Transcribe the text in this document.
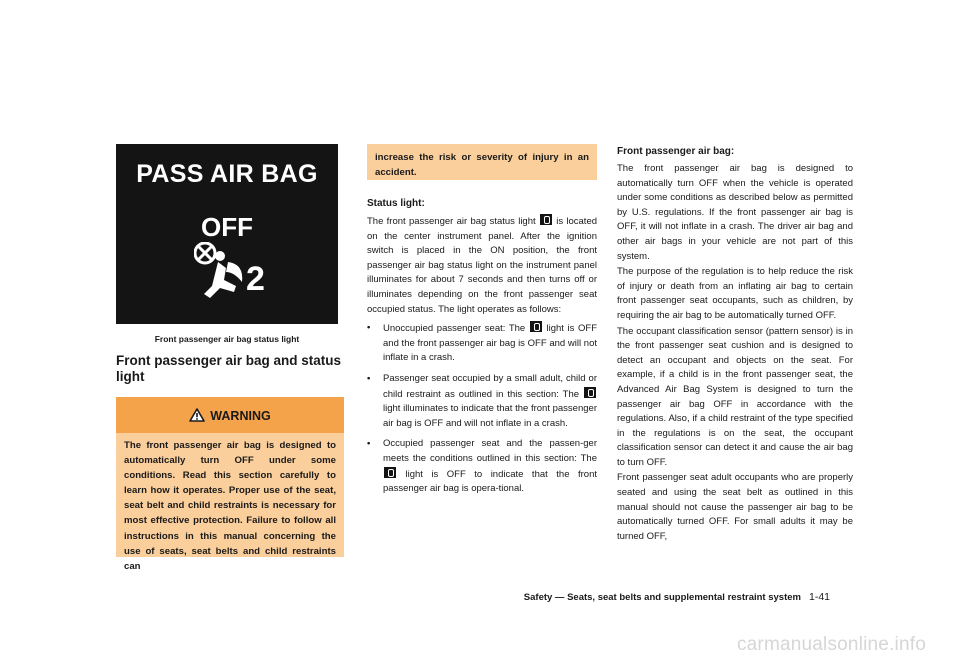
PASS AIR BAG
OFF
2
Front passenger air bag status light
Front passenger air bag and status light
WARNING
The front passenger air bag is designed to automatically turn OFF under some conditions. Read this section carefully to learn how it operates. Proper use of the seat, seat belt and child restraints is necessary for most effective protection. Failure to follow all instructions in this manual concerning the use of seats, seat belts and child restraints can
increase the risk or severity of injury in an accident.
Status light:

The front passenger air bag status light is located on the center instrument panel. After the ignition switch is placed in the ON position, the front passenger air bag status light on the instrument panel illuminates for about 7 seconds and then turns off or illuminates depending on the front passenger seat occupied status. The light operates as follows:

• Unoccupied passenger seat: The light is OFF and the front passenger air bag is OFF and will not inflate in a crash.
• Passenger seat occupied by a small adult, child or child restraint as outlined in this section: The  light illuminates to indicate that the front passenger air bag is OFF and will not inflate in a crash.
• Occupied passenger seat and the passen-ger meets the conditions outlined in this section: The  light is OFF to indicate that the front passenger air bag is opera-tional.
Front passenger air bag:

The front passenger air bag is designed to automatically turn OFF when the vehicle is operated under some conditions as described below as permitted by U.S. regulations. If the front passenger air bag is OFF, it will not inflate in a crash. The driver air bag and other air bags in your vehicle are not part of this system.

The purpose of the regulation is to help reduce the risk of injury or death from an inflating air bag to certain front passenger seat occupants, such as children, by requiring the air bag to be automatically turned OFF.

The occupant classification sensor (pattern sensor) is in the front passenger seat cushion and is designed to detect an occupant and objects on the seat. For example, if a child is in the front passenger seat, the Advanced Air Bag System is designed to turn the passenger air bag OFF in accordance with the regulations. Also, if a child restraint of the type specified in the regulations is on the seat, the occupant classification sensor can detect it and cause the air bag to turn OFF.

Front passenger seat adult occupants who are properly seated and using the seat belt as outlined in this manual should not cause the passenger air bag to be automatically turned OFF. For small adults it may be turned OFF,

Safety — Seats, seat belts and supplemental restraint system 1-41
carmanualsonline.info
